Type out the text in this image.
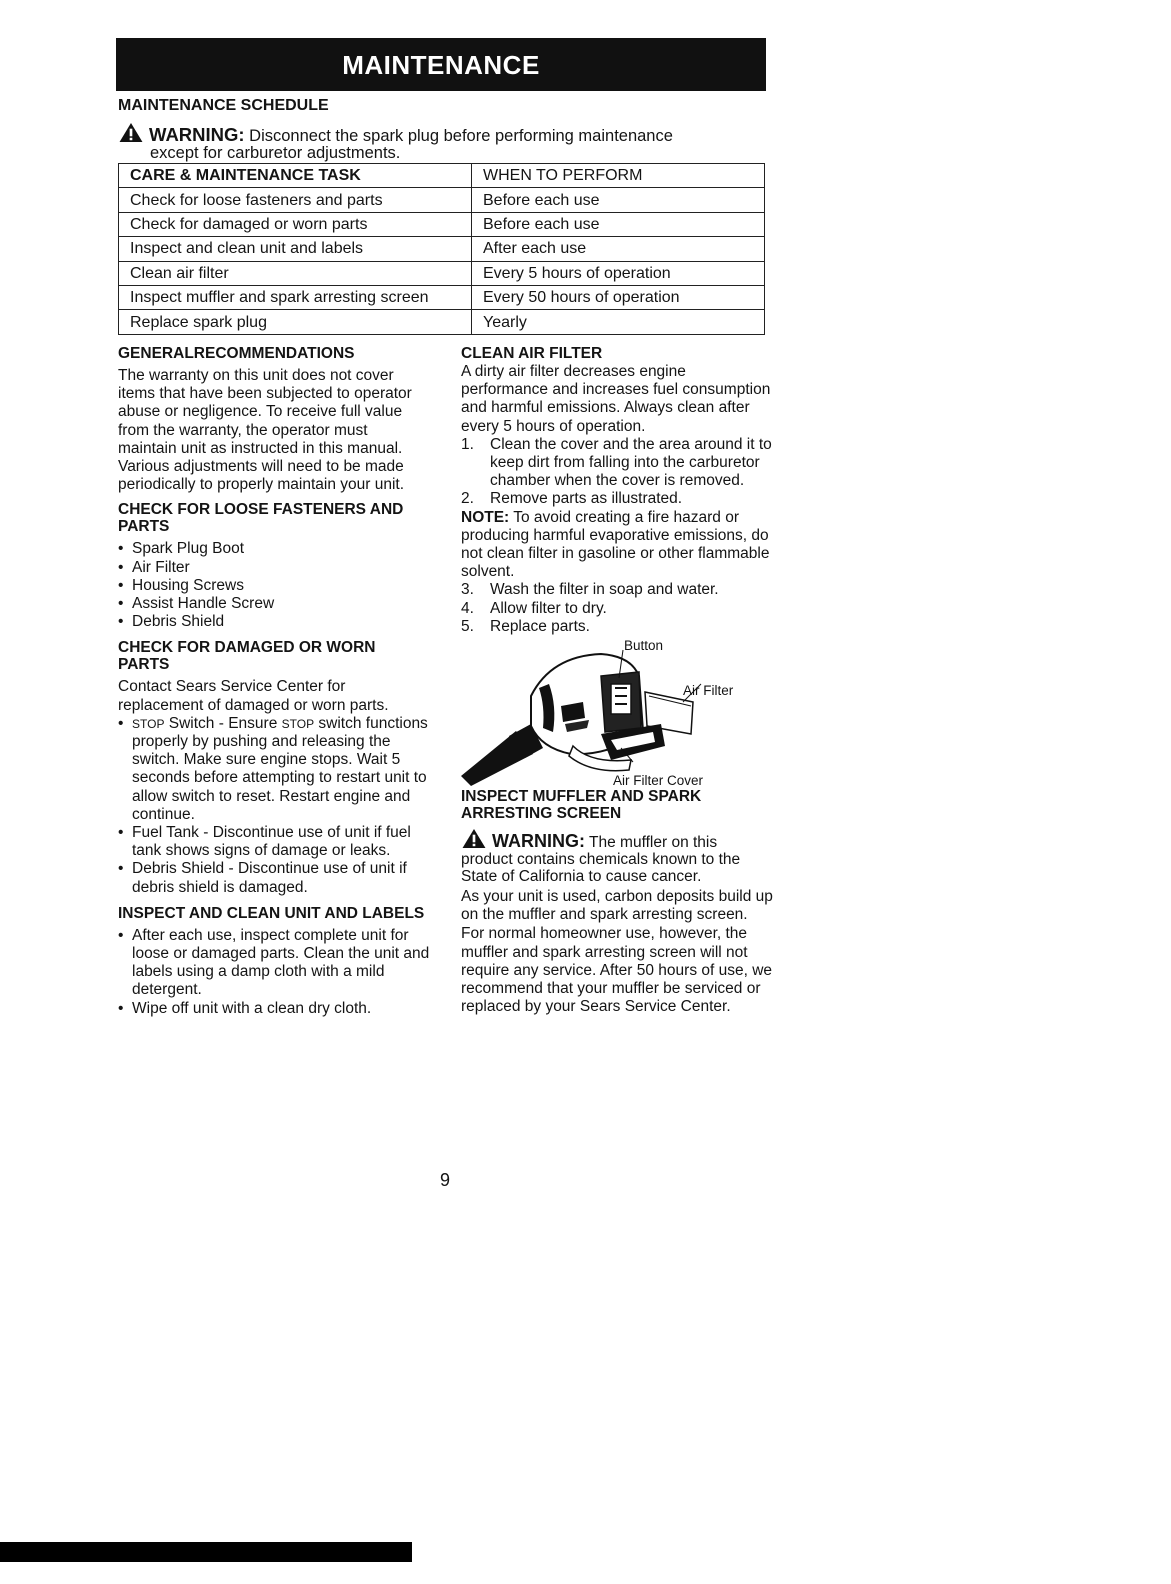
MAINTENANCE
MAINTENANCE SCHEDULE
WARNING: Disconnect the spark plug before performing maintenance
except for carburetor adjustments.
CARE & MAINTENANCE TASK	WHEN TO PERFORM
Check for loose fasteners and parts	Before each use
Check for damaged or worn parts	Before each use
Inspect and clean unit and labels	After each use
Clean air filter	Every 5 hours of operation
Inspect muffler and spark arresting screen	Every 50 hours of operation
Replace spark plug	Yearly
GENERALRECOMMENDATIONS

The warranty on this unit does not cover items that have been subjected to operator abuse or negligence. To receive full value from the warranty, the operator must maintain unit as instructed in this manual. Various adjustments will need to be made periodically to properly maintain your unit.

CHECK FOR LOOSE FASTENERS AND PARTS
• Spark Plug Boot
• Air Filter
• Housing Screws
• Assist Handle Screw
• Debris Shield
CHECK FOR DAMAGED OR WORN PARTS

Contact Sears Service Center for replacement of damaged or worn parts.

• STOP Switch - Ensure STOP switch functions properly by pushing and releasing the switch. Make sure engine stops. Wait 5 seconds before attempting to restart unit to allow switch to reset. Restart engine and continue.
• Fuel Tank - Discontinue use of unit if fuel tank shows signs of damage or leaks.
• Debris Shield - Discontinue use of unit if debris shield is damaged.
INSPECT AND CLEAN UNIT AND LABELS
• After each use, inspect complete unit for loose or damaged parts. Clean the unit and labels using a damp cloth with a mild detergent.
• Wipe off unit with a clean dry cloth.
CLEAN AIR FILTER

A dirty air filter decreases engine performance and increases fuel consumption and harmful emissions. Always clean after every 5 hours of operation.

1. Clean the cover and the area around it to keep dirt from falling into the carburetor chamber when the cover is removed.
2. Remove parts as illustrated.
NOTE: To avoid creating a fire hazard or producing harmful evaporative emissions, do not clean filter in gasoline or other flammable solvent.
3. Wash the filter in soap and water.
4. Allow filter to dry.
5. Replace parts.
Button
Air Filter
Air Filter Cover
INSPECT MUFFLER AND SPARK ARRESTING SCREEN
WARNING: The muffler on this product contains chemicals known to the State of California to cause cancer.

As your unit is used, carbon deposits build up on the muffler and spark arresting screen.

For normal homeowner use, however, the muffler and spark arresting screen will not require any service. After 50 hours of use, we recommend that your muffler be serviced or replaced by your Sears Service Center.

9
